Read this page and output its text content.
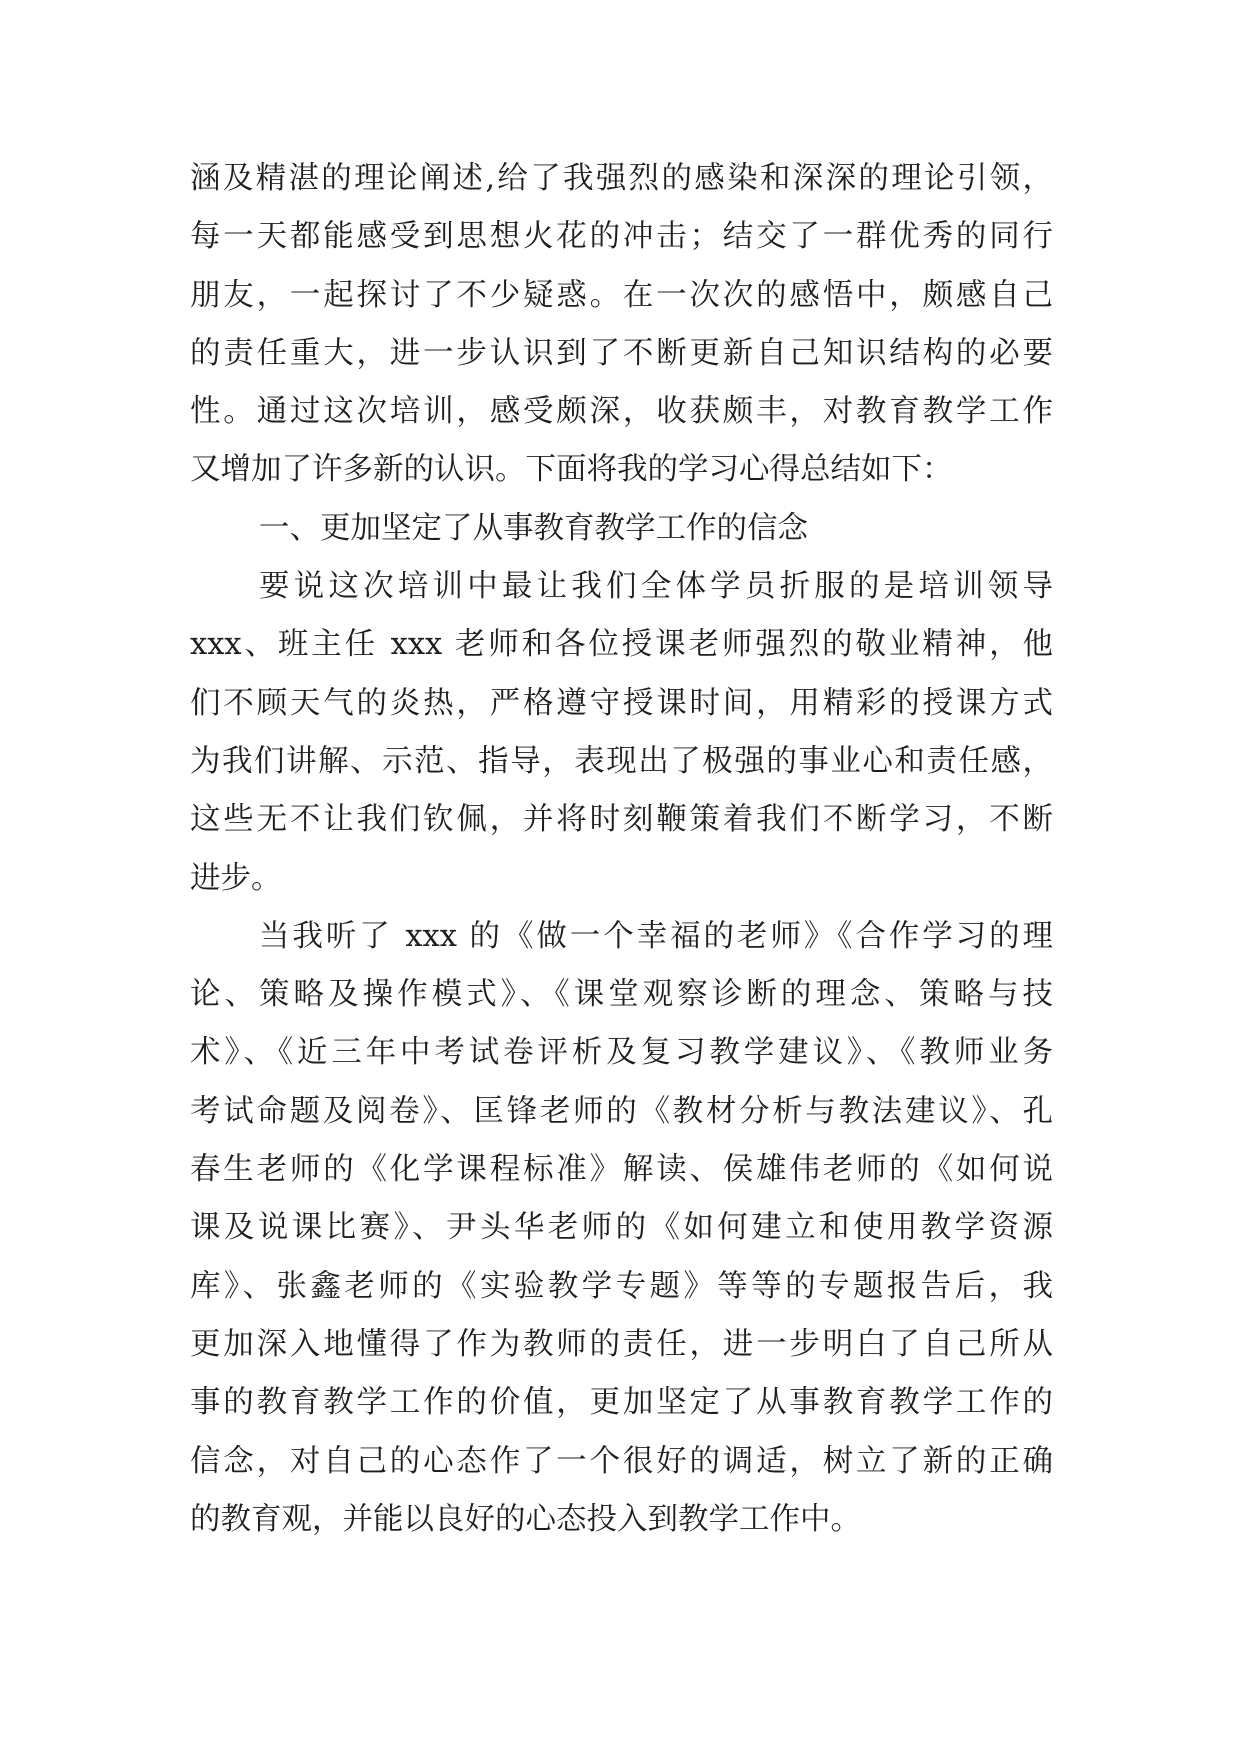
涵及精湛的理论阐述,给了我强烈的感染和深深的理论引领，
每一天都能感受到思想火花的冲击；结交了一群优秀的同行
朋友，一起探讨了不少疑惑。在一次次的感悟中，颇感自己
的责任重大，进一步认识到了不断更新自己知识结构的必要
性。通过这次培训，感受颇深，收获颇丰，对教育教学工作
又增加了许多新的认识。下面将我的学习心得总结如下：
一、更加坚定了从事教育教学工作的信念
要说这次培训中最让我们全体学员折服的是培训领导
xxx、班主任 xxx 老师和各位授课老师强烈的敬业精神，他
们不顾天气的炎热，严格遵守授课时间，用精彩的授课方式
为我们讲解、示范、指导，表现出了极强的事业心和责任感，
这些无不让我们钦佩，并将时刻鞭策着我们不断学习，不断
进步。
当我听了 xxx 的《做一个幸福的老师》《合作学习的理
论、策略及操作模式》、《课堂观察诊断的理念、策略与技
术》、《近三年中考试卷评析及复习教学建议》、《教师业务
考试命题及阅卷》、匡锋老师的《教材分析与教法建议》、孔
春生老师的《化学课程标准》解读、侯雄伟老师的《如何说
课及说课比赛》、尹头华老师的《如何建立和使用教学资源
库》、张鑫老师的《实验教学专题》等等的专题报告后，我
更加深入地懂得了作为教师的责任，进一步明白了自己所从
事的教育教学工作的价值，更加坚定了从事教育教学工作的
信念，对自己的心态作了一个很好的调适，树立了新的正确
的教育观，并能以良好的心态投入到教学工作中。
